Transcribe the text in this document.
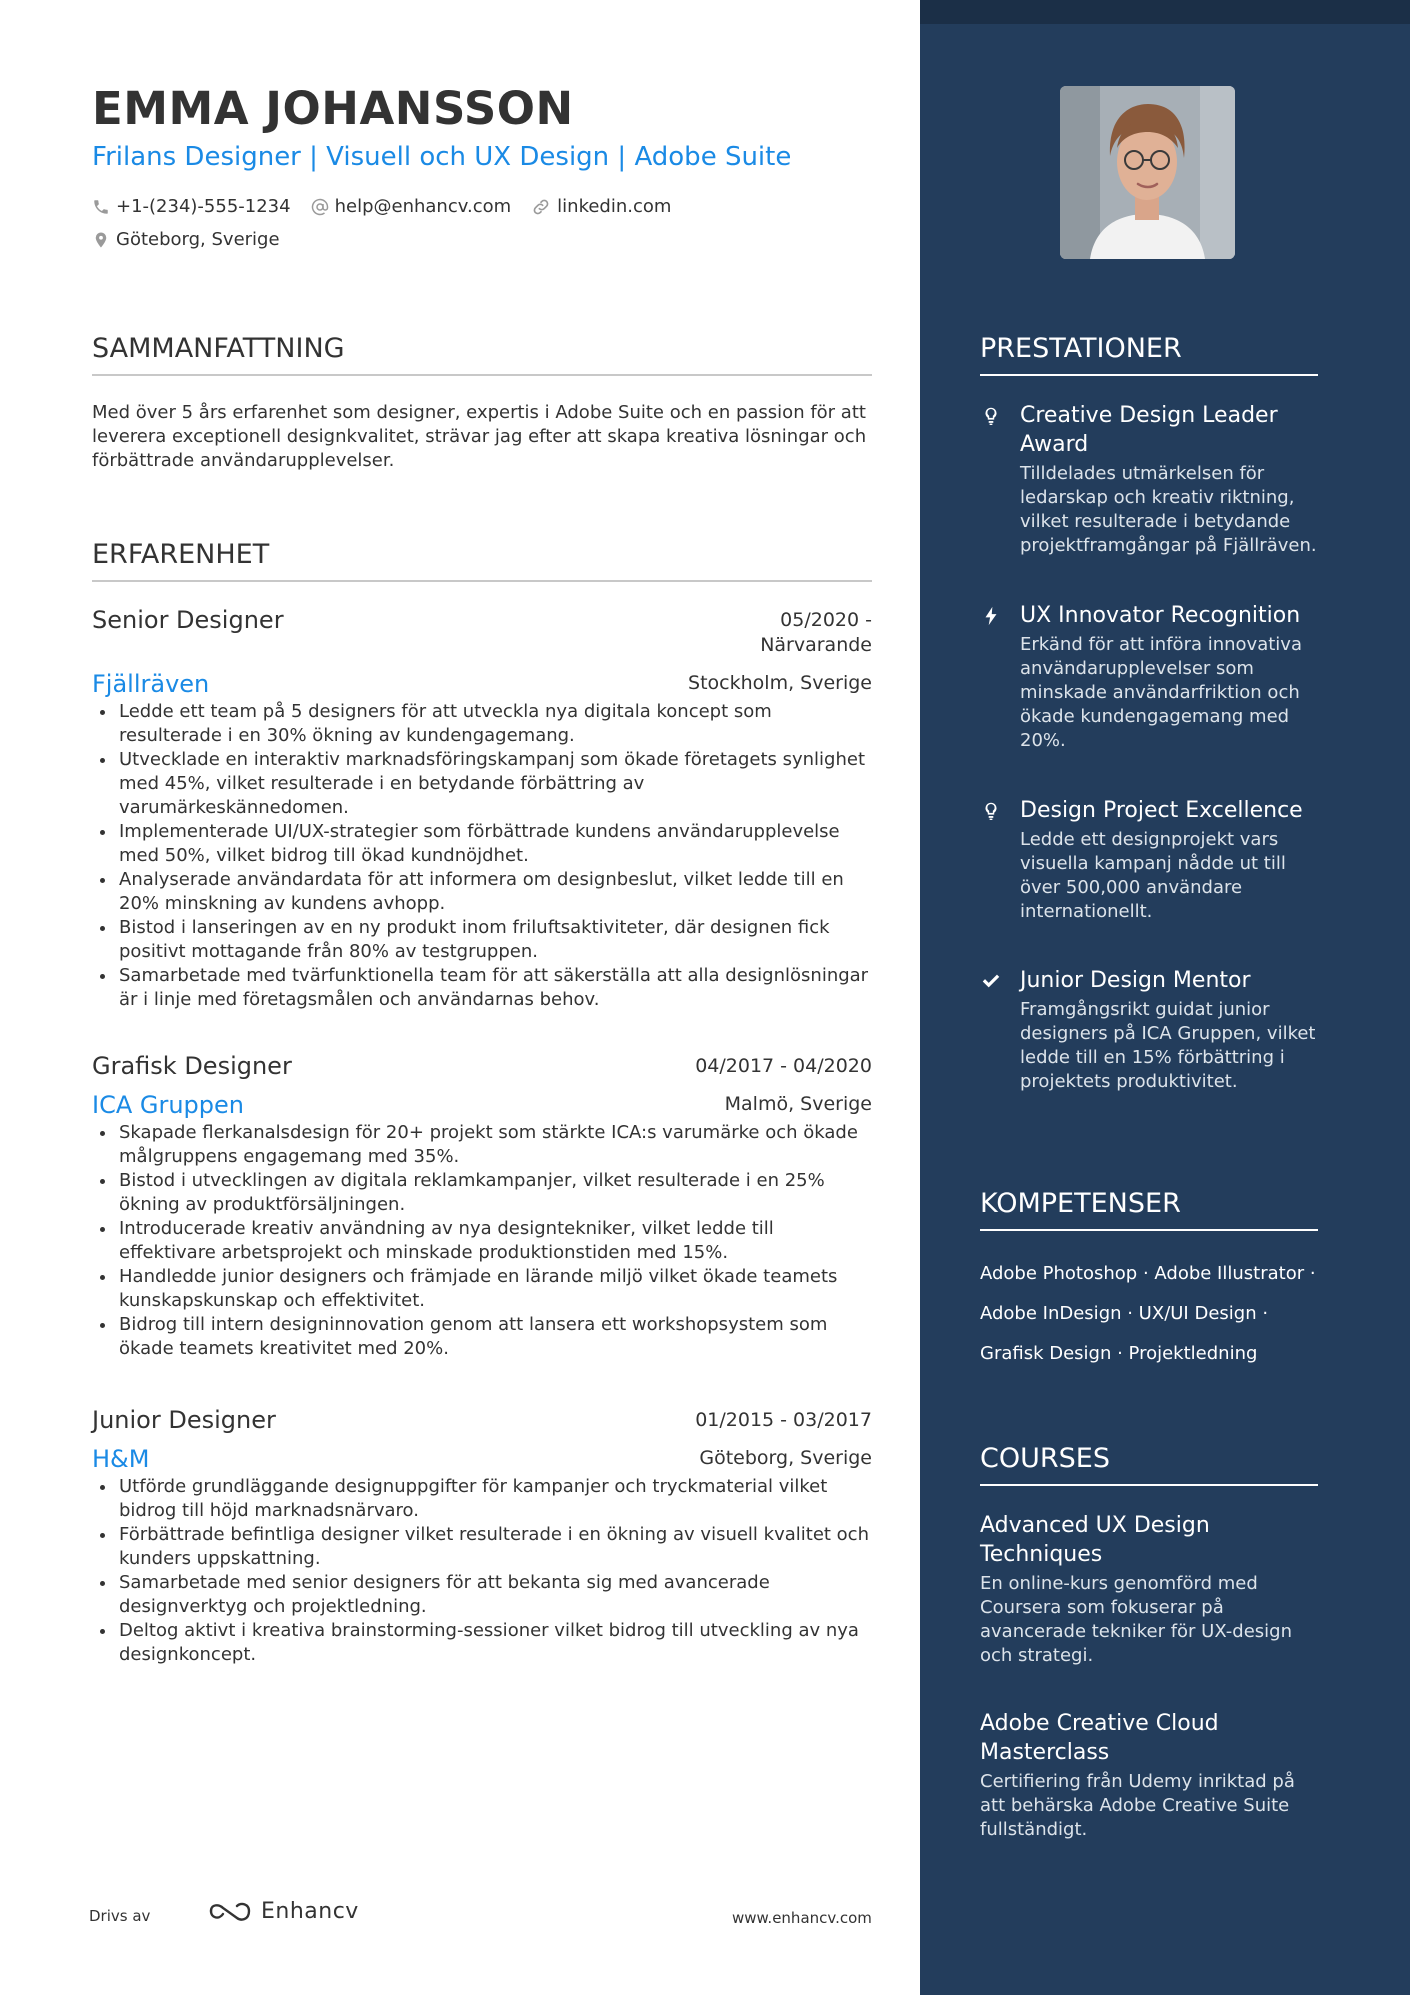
EMMA JOHANSSON
Frilans Designer | Visuell och UX Design | Adobe Suite
+1-(234)-555-1234 help@enhancv.com	linkedin.com
Göteborg, Sverige
SAMMANFATTNING
Med över 5 års erfarenhet som designer, expertis i Adobe Suite och en passion för att leverera exceptionell designkvalitet, strävar jag efter att skapa kreativa lösningar och förbättrade användarupplevelser.
ERFARENHET
Senior Designer	05/2020 -
Närvarande
Fjällräven	Stockholm, Sverige
Ledde ett team på 5 designers för att utveckla nya digitala koncept som resulterade i en 30% ökning av kundengagemang.
Utvecklade en interaktiv marknadsföringskampanj som ökade företagets synlighet med 45%, vilket resulterade i en betydande förbättring av varumärkeskännedomen.
Implementerade UI/UX-strategier som förbättrade kundens användarupplevelse med 50%, vilket bidrog till ökad kundnöjdhet.
Analyserade användardata för att informera om designbeslut, vilket ledde till en 20% minskning av kundens avhopp.
Bistod i lanseringen av en ny produkt inom friluftsaktiviteter, där designen fick positivt mottagande från 80% av testgruppen.
Samarbetade med tvärfunktionella team för att säkerställa att alla designlösningar är i linje med företagsmålen och användarnas behov.
Grafisk Designer	04/2017 - 04/2020
ICA Gruppen	Malmö, Sverige
Skapade flerkanalsdesign för 20+ projekt som stärkte ICA:s varumärke och ökade målgruppens engagemang med 35%.
Bistod i utvecklingen av digitala reklamkampanjer, vilket resulterade i en 25% ökning av produktförsäljningen.
Introducerade kreativ användning av nya designtekniker, vilket ledde till effektivare arbetsprojekt och minskade produktionstiden med 15%.
Handledde junior designers och främjade en lärande miljö vilket ökade teamets kunskapskunskap och effektivitet.
Bidrog till intern designinnovation genom att lansera ett workshopsystem som ökade teamets kreativitet med 20%.
Junior Designer	01/2015 - 03/2017
H&M	Göteborg, Sverige
Utförde grundläggande designuppgifter för kampanjer och tryckmaterial vilket bidrog till höjd marknadsnärvaro.
Förbättrade befintliga designer vilket resulterade i en ökning av visuell kvalitet och kunders uppskattning.
Samarbetade med senior designers för att bekanta sig med avancerade designverktyg och projektledning.
Deltog aktivt i kreativa brainstorming-sessioner vilket bidrog till utveckling av nya designkoncept.
PRESTATIONER
Creative Design Leader Award
Tilldelades utmärkelsen för ledarskap och kreativ riktning, vilket resulterade i betydande projektframgångar på Fjällräven.
UX Innovator Recognition
Erkänd för att införa innovativa användarupplevelser som minskade användarfriktion och ökade kundengagemang med 20%.
Design Project Excellence
Ledde ett designprojekt vars visuella kampanj nådde ut till över 500,000 användare internationellt.
Junior Design Mentor
Framgångsrikt guidat junior designers på ICA Gruppen, vilket ledde till en 15% förbättring i projektets produktivitet.
KOMPETENSER
Adobe Photoshop · Adobe Illustrator ·
Adobe InDesign · UX/UI Design ·
Grafisk Design · Projektledning
COURSES
Advanced UX Design Techniques
En online-kurs genomförd med Coursera som fokuserar på avancerade tekniker för UX-design och strategi.
Adobe Creative Cloud Masterclass
Certifiering från Udemy inriktad på att behärska Adobe Creative Suite fullständigt.
Drivs av	Enhancv	www.enhancv.com
